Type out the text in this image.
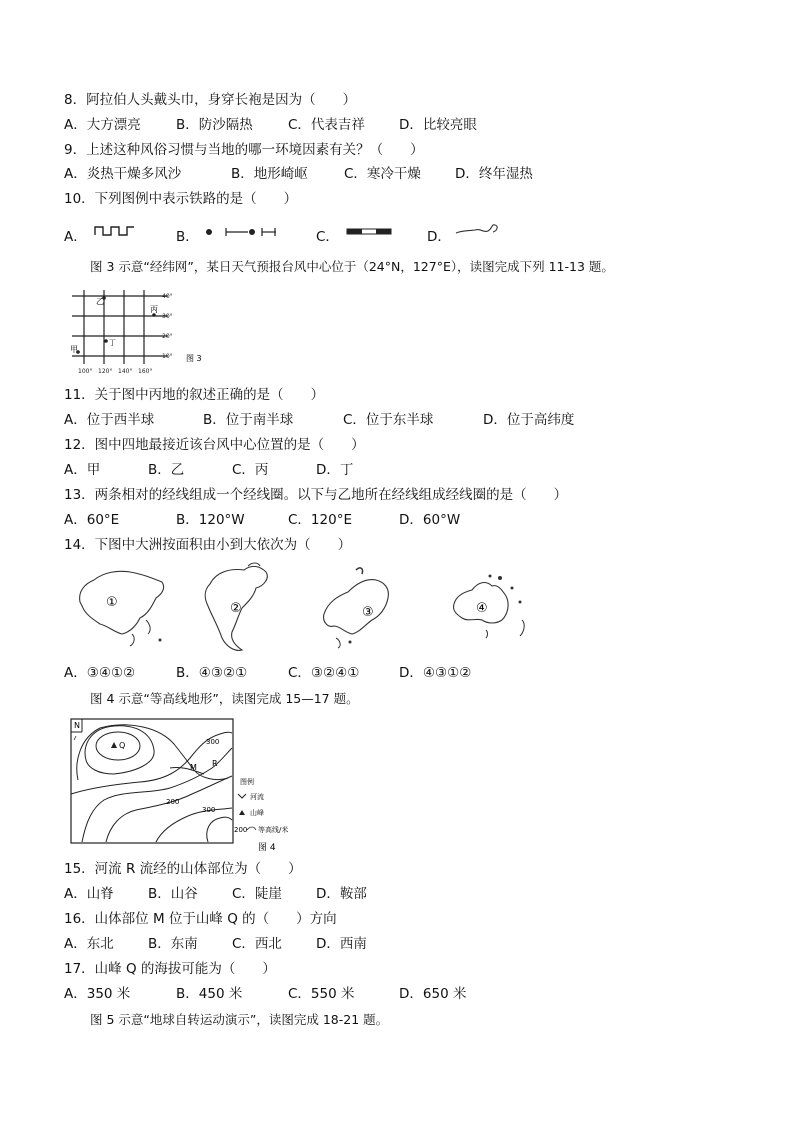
8．阿拉伯人头戴头巾，身穿长袍是因为（　　）
A．大方漂亮	B．防沙隔热	C．代表吉祥	D．比较亮眼
9．上述这种风俗习惯与当地的哪一环境因素有关？（　　）
A．炎热干燥多风沙	B．地形崎岖	C．寒冷干燥	D．终年湿热
10．下列图例中表示铁路的是（　　）
A．	B．	C．	D．
图 3 示意“经纬网”，某日天气预报台风中心位于（24°N，127°E），读图完成下列 11-13 题。
40°
30°
20°
10°
100° 120° 140° 160°
乙
丙
丁
甲
图 3
11．关于图中丙地的叙述正确的是（　　）
A．位于西半球	B．位于南半球	C．位于东半球	D．位于高纬度
12．图中四地最接近该台风中心位置的是（　　）
A．甲	B．乙	C．丙	D．丁
13．两条相对的经线组成一个经线圈。以下与乙地所在经线组成经线圈的是（　　）
A．60°E	B．120°W	C．120°E	D．60°W
14．下图中大洲按面积由小到大依次为（　　）
①	②	③	④
A．③④①②	B．④③②①	C．③②④①	D．④③①②
图 4 示意“等高线地形”，读图完成 15—17 题。
N
Q
M R
300
200
300
图例
河流
山峰
200 等高线/米
图 4
15．河流 R 流经的山体部位为（　　）
A．山脊	B．山谷	C．陡崖	D．鞍部
16．山体部位 M 位于山峰 Q 的（　　）方向
A．东北	B．东南	C．西北	D．西南
17．山峰 Q 的海拔可能为（　　）
A．350 米	B．450 米	C．550 米	D．650 米
图 5 示意“地球自转运动演示”，读图完成 18-21 题。
